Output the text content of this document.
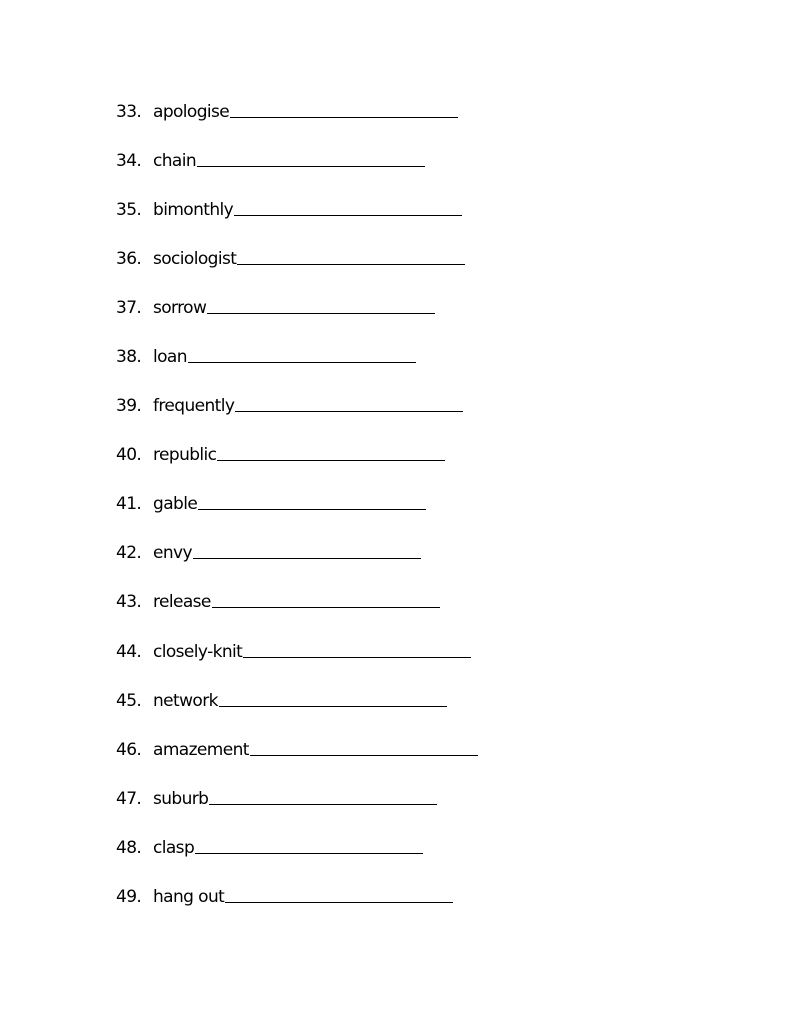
33. apologise
34. chain
35. bimonthly
36. sociologist
37. sorrow
38. loan
39. frequently
40. republic
41. gable
42. envy
43. release
44. closely-knit
45. network
46. amazement
47. suburb
48. clasp
49. hang out
